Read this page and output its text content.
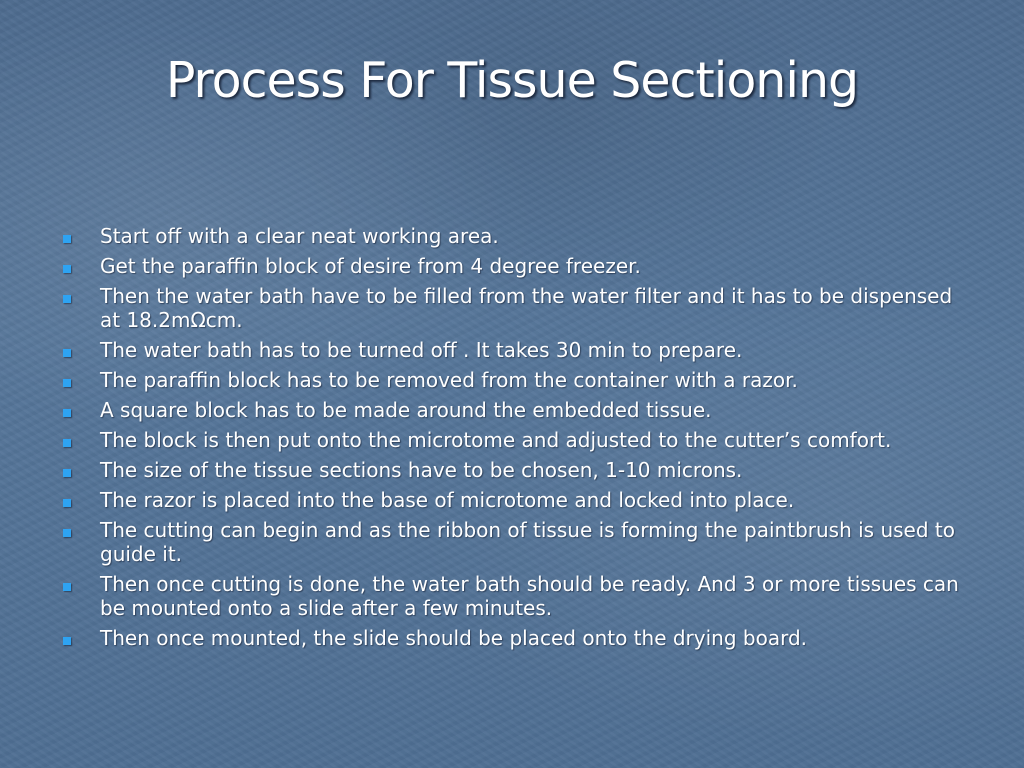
Process For Tissue Sectioning
Start off with a clear neat working area.
Get the paraffin block of desire from 4 degree freezer.
Then the water bath have to be filled from the water filter and it has to be dispensed at 18.2mΩcm.
The water bath has to be turned off . It takes 30 min to prepare.
The paraffin block has to be removed from the container with a razor.
A square block has to be made around the embedded tissue.
The block is then put onto the microtome and adjusted to the cutter’s comfort.
The size of the tissue sections have to be chosen, 1-10 microns.
The razor is placed into the base of microtome and locked into place.
The cutting can begin and as the ribbon of tissue is forming the paintbrush is used to guide it.
Then once cutting is done, the water bath should be ready. And 3 or more tissues can be mounted onto a slide after a few minutes.
Then once mounted, the slide should be placed onto the drying board.
